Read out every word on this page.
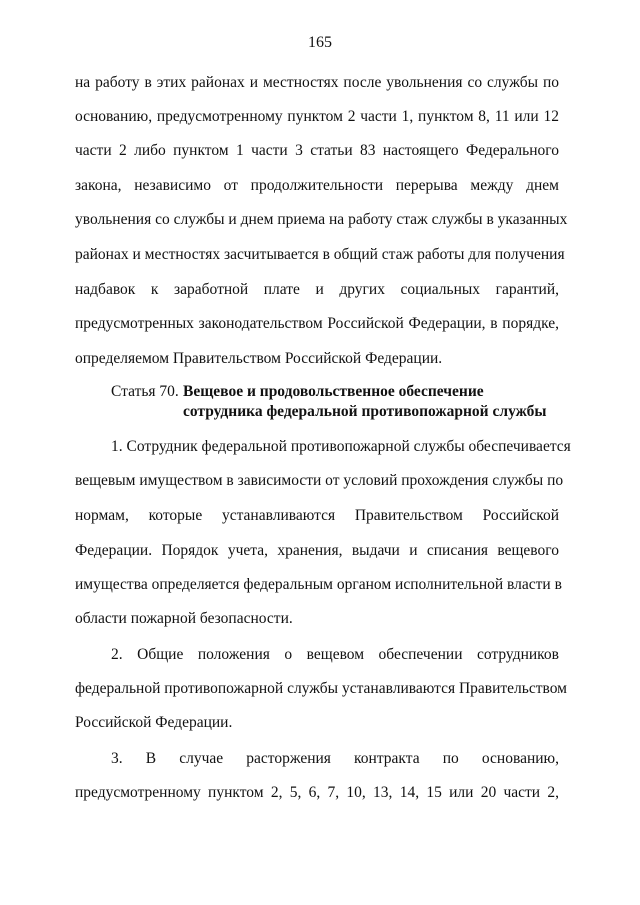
165
на работу в этих районах и местностях после увольнения со службы по
основанию, предусмотренному пунктом 2 части 1, пунктом 8, 11 или 12
части 2 либо пунктом 1 части 3 статьи 83 настоящего Федерального
закона, независимо от продолжительности перерыва между днем
увольнения со службы и днем приема на работу стаж службы в указанных
районах и местностях засчитывается в общий стаж работы для получения
надбавок к заработной плате и других социальных гарантий,
предусмотренных законодательством Российской Федерации, в порядке,
определяемом Правительством Российской Федерации.
Статья 70. Вещевое и продовольственное обеспечение
сотрудника федеральной противопожарной службы
1. Сотрудник федеральной противопожарной службы обеспечивается
вещевым имуществом в зависимости от условий прохождения службы по
нормам, которые устанавливаются Правительством Российской
Федерации. Порядок учета, хранения, выдачи и списания вещевого
имущества определяется федеральным органом исполнительной власти в
области пожарной безопасности.
2. Общие положения о вещевом обеспечении сотрудников
федеральной противопожарной службы устанавливаются Правительством
Российской Федерации.
3. В случае расторжения контракта по основанию,
предусмотренному пунктом 2, 5, 6, 7, 10, 13, 14, 15 или 20 части 2,
